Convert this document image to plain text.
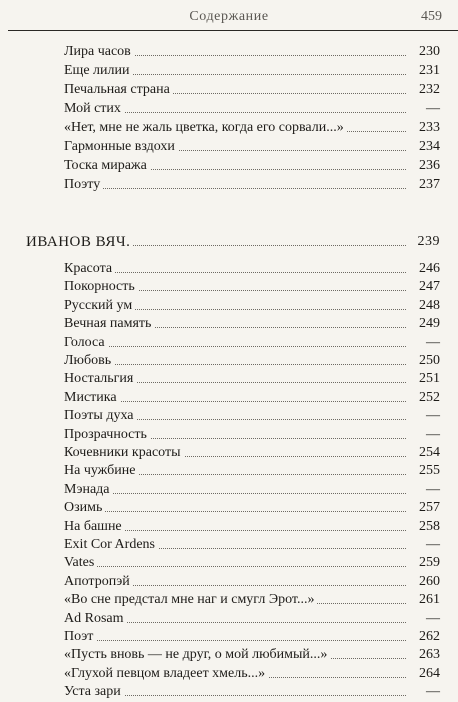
Содержание	459
Лира часов	230
Еще лилии	231
Печальная страна	232
Мой стих	—
«Нет, мне не жаль цветка, когда его сорвали...»	233
Гармонные вздохи	234
Тоска миража	236
Поэту	237
ИВАНОВ ВЯЧ.	239
Красота	246
Покорность	247
Русский ум	248
Вечная память	249
Голоса	—
Любовь	250
Ностальгия	251
Мистика	252
Поэты духа	—
Прозрачность	—
Кочевники красоты	254
На чужбине	255
Мэнада	—
Озимь	257
На башне	258
Exit Cor Ardens	—
Vates	259
Апотропэй	260
«Во сне предстал мне наг и смугл Эрот...»	261
Ad Rosam	—
Поэт	262
«Пусть вновь — не друг, о мой любимый...»	263
«Глухой певцом владеет хмель...»	264
Уста зари	—
